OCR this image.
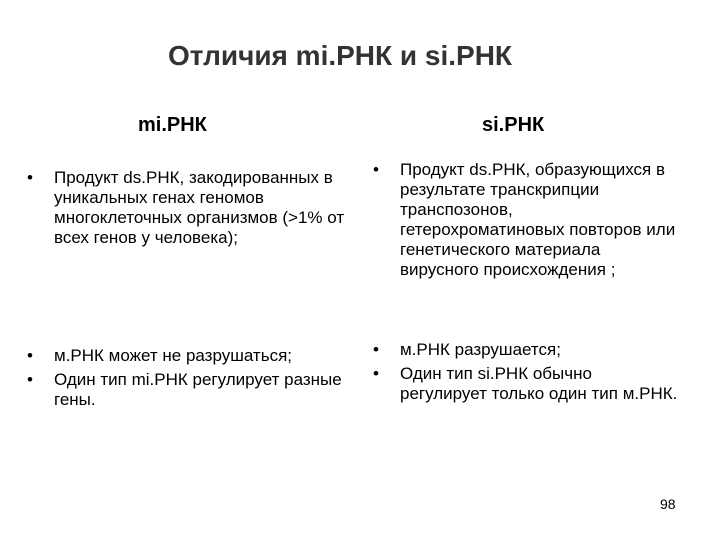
Отличия mi.РНК и si.РНК
mi.РНК	si.РНК
• Продукт ds.РНК, закодированных в уникальных генах геномов многоклеточных организмов (>1% от всех генов у человека);
• м.РНК может не разрушаться;
• Один тип mi.РНК регулирует разные гены.
• Продукт ds.РНК, образующихся в результате транскрипции транспозонов, гетерохроматиновых повторов или генетического материала вирусного происхождения ;
• м.РНК разрушается;
• Один тип si.РНК обычно регулирует только один тип м.РНК.
98
